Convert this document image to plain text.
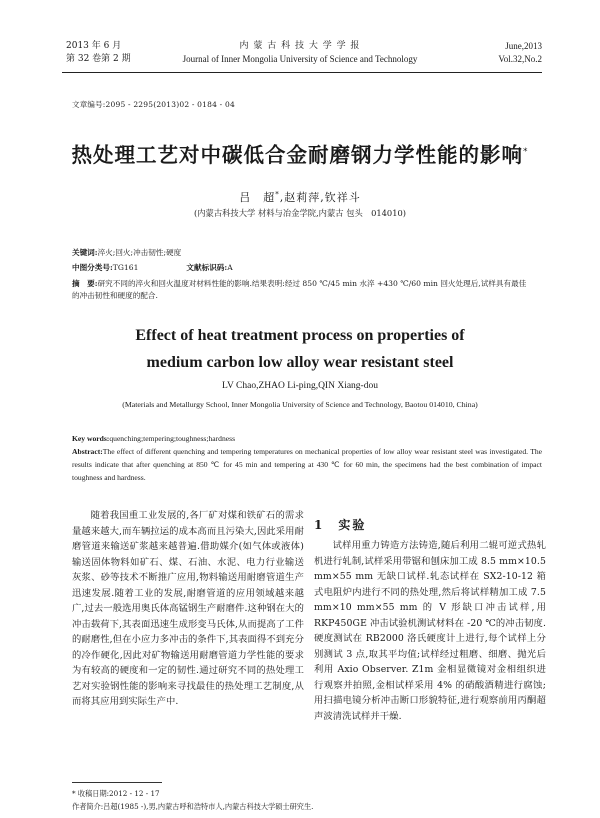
2013 年 6 月
第 32 卷第 2 期
内 蒙 古 科 技 大 学 学 报
Journal of Inner Mongolia University of Science and Technology
June,2013
Vol.32,No.2
文章编号:2095 - 2295(2013)02 - 0184 - 04
热处理工艺对中碳低合金耐磨钢力学性能的影响*
吕　超*,赵莉萍,钦祥斗
(内蒙古科技大学 材料与冶金学院,内蒙古 包头　014010)
关键词:淬火;回火;冲击韧性;硬度
中图分类号:TG161	文献标识码:A
摘　要:研究不同的淬火和回火温度对材料性能的影响.结果表明:经过 850 ℃/45 min 水淬 +430 ℃/60 min 回火处理后,试样具有最佳的冲击韧性和硬度的配合.
Effect of heat treatment process on properties of
medium carbon low alloy wear resistant steel
LV Chao,ZHAO Li-ping,QIN Xiang-dou
(Materials and Metallurgy School, Inner Mongolia University of Science and Technology, Baotou 014010, China)
Key words:quenching;tempering;toughness;hardness
Abstract:The effect of different quenching and tempering temperatures on mechanical properties of low alloy wear resistant steel was investigated. The results indicate that after quenching at 850 ℃ for 45 min and tempering at 430 ℃ for 60 min, the specimens had the best combination of impact toughness and hardness.

随着我国重工业发展的,各厂矿对煤和铁矿石的需求量越来越大,而车辆拉运的成本高而且污染大,因此采用耐磨管道来输送矿浆越来越普遍.借助媒介(如气体或液体)输送固体物料如矿石、煤、石油、水泥、电力行业输送灰浆、砂等技术不断推广应用,物料输送用耐磨管道生产迅速发展.随着工业的发展,耐磨管道的应用领域越来越广,过去一般选用奥氏体高锰钢生产耐磨件.这种钢在大的冲击载荷下,其表面迅速生成形变马氏体,从而提高了工件的耐磨性,但在小应力多冲击的条件下,其表面得不到充分的冷作硬化,因此对矿物输送用耐磨管道力学性能的要求为有较高的硬度和一定的韧性.通过研究不同的热处理工艺对实验钢性能的影响来寻找最佳的热处理工艺制度,从而将其应用到实际生产中.

1　实验

试样用重力铸造方法铸造,随后利用二辊可逆式热轧机进行轧制,试样采用带锯和刨床加工成 8.5 mm×10.5 mm×55 mm 无缺口试样.轧态试样在 SX2-10-12 箱式电阻炉内进行不同的热处理,然后将试样精加工成 7.5 mm×10 mm×55 mm 的 V 形缺口冲击试样,用 RKP450GE 冲击试验机测试材料在 -20 ℃的冲击韧度.硬度测试在 RB2000 洛氏硬度计上进行,每个试样上分别测试 3 点,取其平均值;试样经过粗磨、细磨、抛光后利用 Axio Observer. Z1m 金相显微镜对金相组织进行观察并拍照,金相试样采用 4% 的硝酸酒精进行腐蚀;用扫描电镜分析冲击断口形貌特征,进行观察前用丙酮超声波清洗试样并干燥.

* 收稿日期:2012 - 12 - 17
作者简介:吕超(1985 -),男,内蒙古呼和浩特市人,内蒙古科技大学硕士研究生.
